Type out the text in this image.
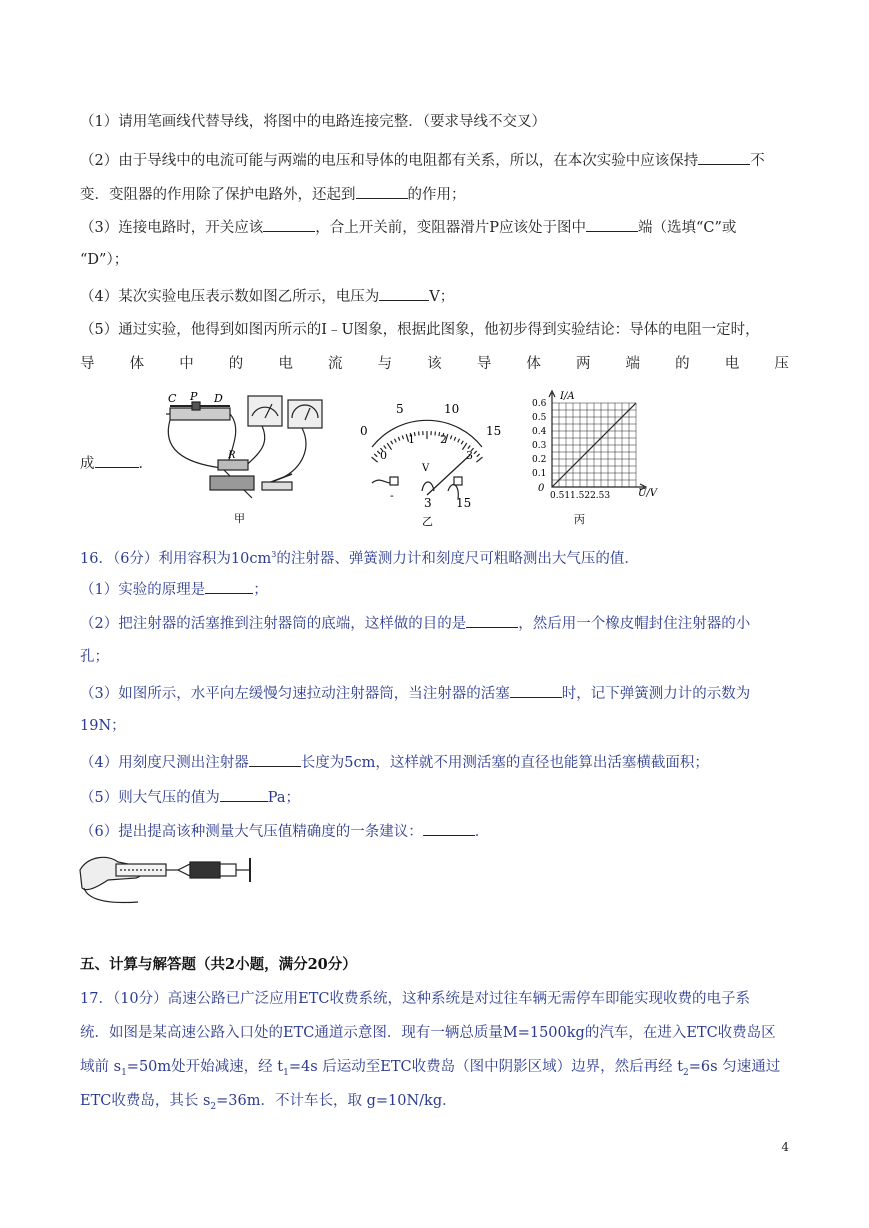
（1）请用笔画线代替导线，将图中的电路连接完整．（要求导线不交叉）
（2）由于导线中的电流可能与两端的电压和导体的电阻都有关系，所以，在本次实验中应该保持	不
变．变阻器的作用除了保护电路外，还起到	的作用；
（3）连接电路时，开关应该	，合上开关前，变阻器滑片P应该处于图中	端（选填“C”或
“D”）；
（4）某次实验电压表示数如图乙所示，电压为	V；
（5）通过实验，他得到如图丙所示的I﹣U图象，根据此图象，他初步得到实验结论：导体的电阻一定时，
导 体 中 的 电 流 与 该 导 体 两 端 的 电 压
成	．
C P D
R
甲
0
5	10
15
0
1 2
3
V
-
3 15
乙
I/A
U/V
0
0.1
0.2
0.3
0.4
0.5
0.6
0.511.522.53
丙
16．（6分）利用容积为$10cm^3$的注射器、弹簧测力计和刻度尺可粗略测出大气压的值．
（1）实验的原理是	；
（2）把注射器的活塞推到注射器筒的底端，这样做的目的是	，然后用一个橡皮帽封住注射器的小
孔；
（3）如图所示，水平向左缓慢匀速拉动注射器筒，当注射器的活塞	时，记下弹簧测力计的示数为
19N；
（4）用刻度尺测出注射器	长度为5cm，这样就不用测活塞的直径也能算出活塞横截面积；
（5）则大气压的值为	Pa；
（6）提出提高该种测量大气压值精确度的一条建议：	．
五、计算与解答题（共2小题，满分20分）
17．（10分）高速公路已广泛应用ETC收费系统，这种系统是对过往车辆无需停车即能实现收费的电子系
统．如图是某高速公路入口处的ETC通道示意图．现有一辆总质量M=1500kg的汽车，在进入ETC收费岛区
域前 $s_1=50m$处开始减速，经 $t_1=4s$ 后运动至ETC收费岛（图中阴影区域）边界，然后再经 $t_2=6s$ 匀速通过
ETC收费岛，其长 $s_2=36m$．不计车长，取 g=10N/kg．
4
